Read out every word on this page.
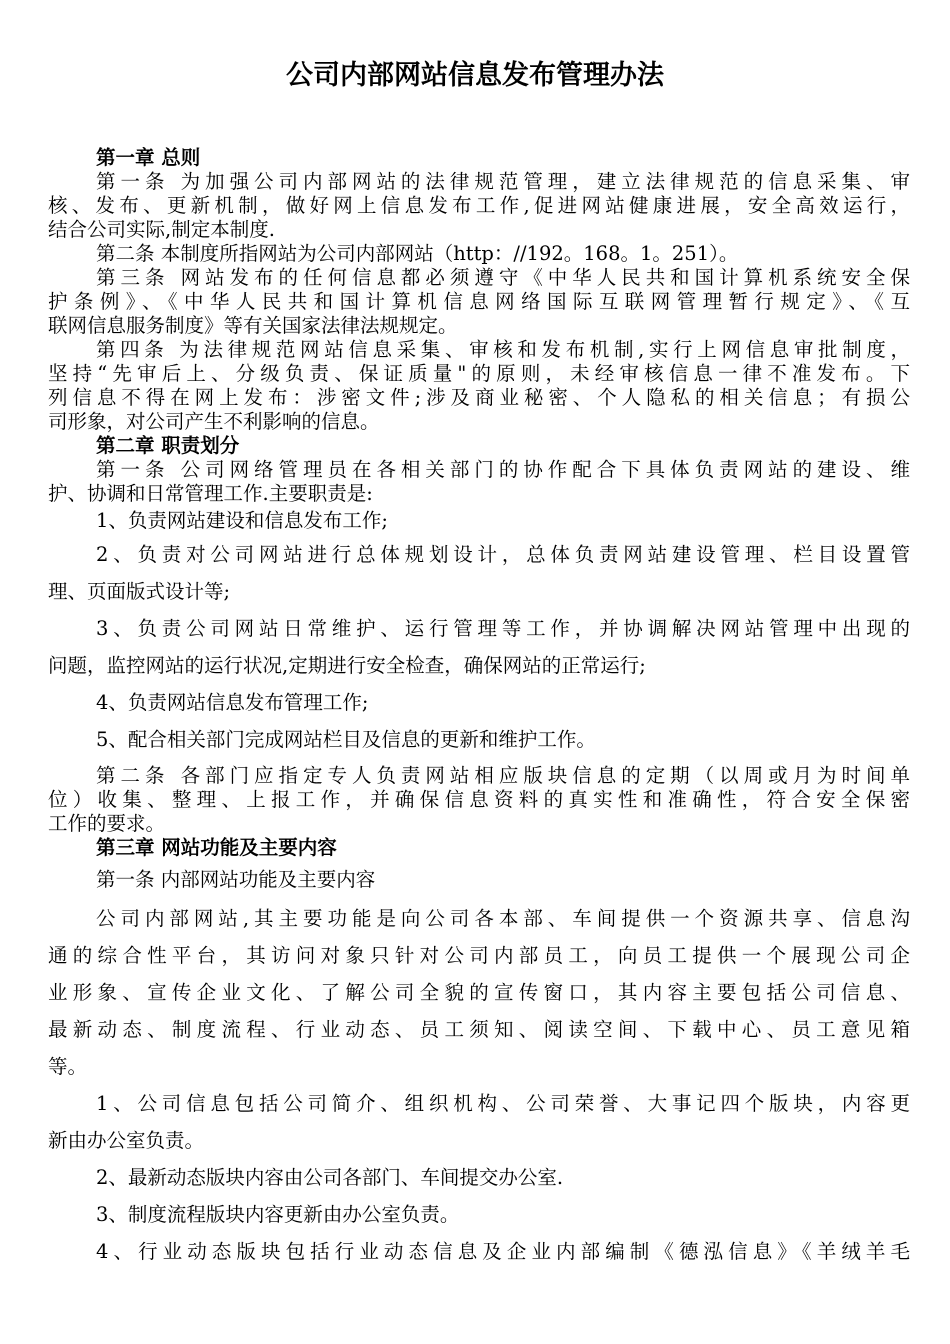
公司内部网站信息发布管理办法

第一章 总则

第一条 为加强公司内部网站的法律规范管理，建立法律规范的信息采集、审

核、发布、更新机制，做好网上信息发布工作,促进网站健康进展，安全高效运行，

结合公司实际,制定本制度.

第二条 本制度所指网站为公司内部网站（http：//192。168。1。251）。

第三条 网站发布的任何信息都必须遵守《中华人民共和国计算机系统安全保

护条例》、《中华人民共和国计算机信息网络国际互联网管理暂行规定》、《互

联网信息服务制度》等有关国家法律法规规定。

第四条 为法律规范网站信息采集、审核和发布机制,实行上网信息审批制度，

坚持“先审后上、分级负责、保证质量"的原则，未经审核信息一律不准发布。下

列信息不得在网上发布：涉密文件;涉及商业秘密、个人隐私的相关信息；有损公

司形象，对公司产生不利影响的信息。

第二章 职责划分

第一条 公司网络管理员在各相关部门的协作配合下具体负责网站的建设、维

护、协调和日常管理工作.主要职责是:

1、负责网站建设和信息发布工作;

2、负责对公司网站进行总体规划设计，总体负责网站建设管理、栏目设置管

理、页面版式设计等;

3、负责公司网站日常维护、运行管理等工作，并协调解决网站管理中出现的

问题，监控网站的运行状况,定期进行安全检查，确保网站的正常运行;

4、负责网站信息发布管理工作;

5、配合相关部门完成网站栏目及信息的更新和维护工作。

第二条 各部门应指定专人负责网站相应版块信息的定期（以周或月为时间单

位）收集、整理、上报工作，并确保信息资料的真实性和准确性，符合安全保密

工作的要求。

第三章 网站功能及主要内容

第一条 内部网站功能及主要内容

公司内部网站,其主要功能是向公司各本部、车间提供一个资源共享、信息沟

通的综合性平台，其访问对象只针对公司内部员工，向员工提供一个展现公司企

业形象、宣传企业文化、了解公司全貌的宣传窗口，其内容主要包括公司信息、

最新动态、制度流程、行业动态、员工须知、阅读空间、下载中心、员工意见箱

等。

1、公司信息包括公司简介、组织机构、公司荣誉、大事记四个版块，内容更

新由办公室负责。

2、最新动态版块内容由公司各部门、车间提交办公室.

3、制度流程版块内容更新由办公室负责。

4、行业动态版块包括行业动态信息及企业内部编制《德泓信息》《羊绒羊毛
